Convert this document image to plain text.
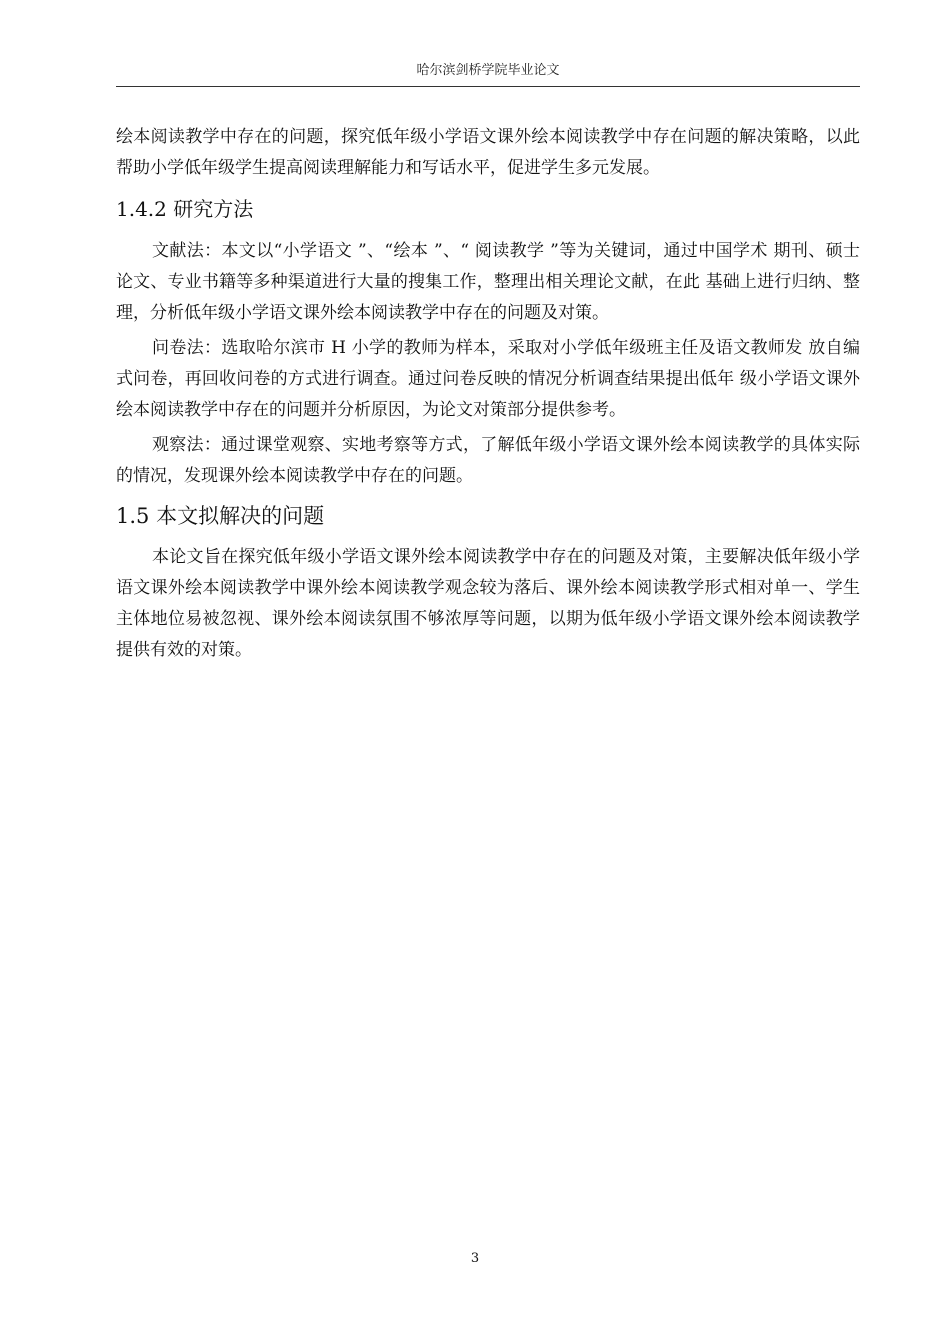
哈尔滨剑桥学院毕业论文

绘本阅读教学中存在的问题，探究低年级小学语文课外绘本阅读教学中存在问题的解决策略，以此帮助小学低年级学生提高阅读理解能力和写话水平，促进学生多元发展。

1.4.2 研究方法

文献法：本文以“小学语文 ”、“绘本 ”、“ 阅读教学 ”等为关键词，通过中国学术 期刊、硕士论文、专业书籍等多种渠道进行大量的搜集工作，整理出相关理论文献，在此 基础上进行归纳、整理，分析低年级小学语文课外绘本阅读教学中存在的问题及对策。

问卷法：选取哈尔滨市 H 小学的教师为样本，采取对小学低年级班主任及语文教师发 放自编式问卷，再回收问卷的方式进行调查。通过问卷反映的情况分析调查结果提出低年 级小学语文课外绘本阅读教学中存在的问题并分析原因，为论文对策部分提供参考。

观察法：通过课堂观察、实地考察等方式，了解低年级小学语文课外绘本阅读教学的具体实际的情况，发现课外绘本阅读教学中存在的问题。

1.5 本文拟解决的问题

本论文旨在探究低年级小学语文课外绘本阅读教学中存在的问题及对策，主要解决低年级小学语文课外绘本阅读教学中课外绘本阅读教学观念较为落后、课外绘本阅读教学形式相对单一、学生主体地位易被忽视、课外绘本阅读氛围不够浓厚等问题，以期为低年级小学语文课外绘本阅读教学提供有效的对策。

3
